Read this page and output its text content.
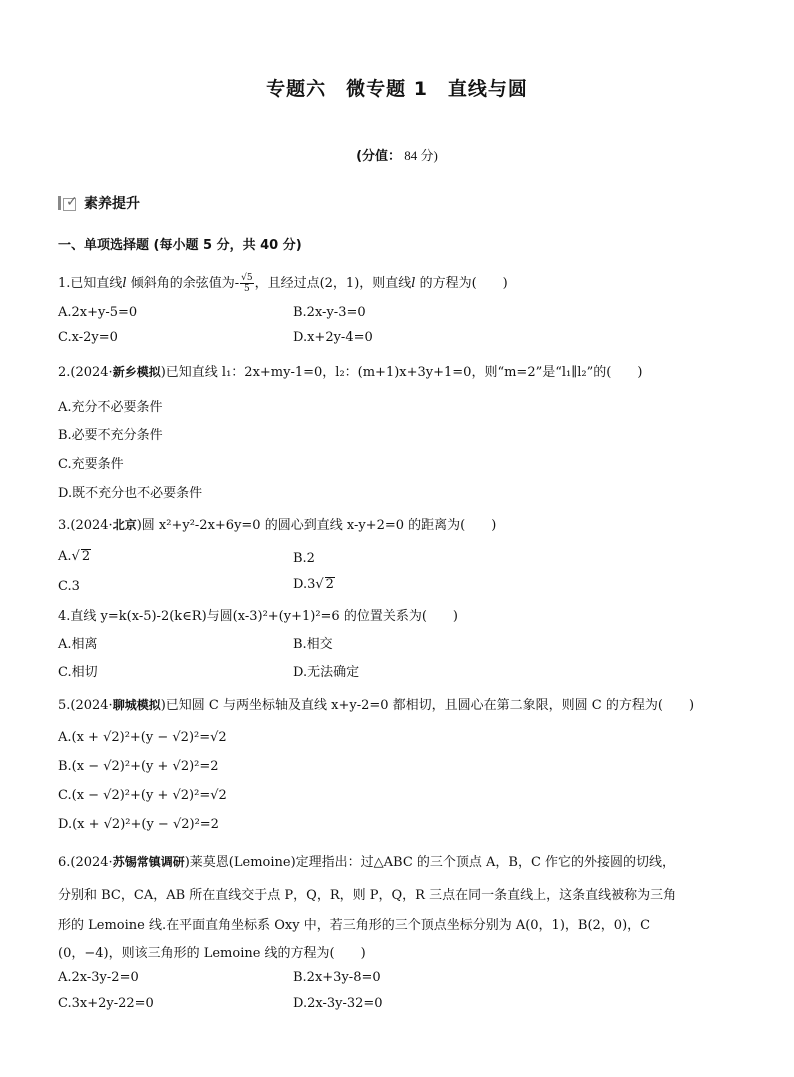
专题六　微专题 1　直线与圆
(分值： 84 分)
✓ 素养提升
一、单项选择题 (每小题 5 分，共 40 分)
1.已知直线l 倾斜角的余弦值为- $\frac{√5}{5}$ ，且经过点(2，1)，则直线l 的方程为(　　)
A.2x+y-5=0	B.2x-y-3=0
C.x-2y=0	D.x+2y-4=0
2.(2024·新乡模拟)已知直线 l₁：2x+my-1=0，l₂：(m+1)x+3y+1=0，则“m=2”是“l₁∥l₂”的(　　)
A.充分不必要条件
B.必要不充分条件
C.充要条件
D.既不充分也不必要条件
3.(2024·北京)圆 x²+y²-2x+6y=0 的圆心到直线 x-y+2=0 的距离为(　　)
A.√ 2	B.2
C.3	D.3√ 2
4.直线 y=k(x-5)-2(k∈R)与圆(x-3)²+(y+1)²=6 的位置关系为(　　)
A.相离	B.相交
C.相切	D.无法确定
5.(2024·聊城模拟)已知圆 C 与两坐标轴及直线 x+y-2=0 都相切，且圆心在第二象限，则圆 C 的方程为(　　)
A.(x + √2)²+(y − √2)²=√2
B.(x − √2)²+(y + √2)²=2
C.(x − √2)²+(y + √2)²=√2
D.(x + √2)²+(y − √2)²=2
6.(2024·苏锡常镇调研)莱莫恩(Lemoine)定理指出：过△ABC 的三个顶点 A，B，C 作它的外接圆的切线，
分别和 BC，CA，AB 所在直线交于点 P，Q，R，则 P，Q，R 三点在同一条直线上，这条直线被称为三角
形的 Lemoine 线.在平面直角坐标系 Oxy 中，若三角形的三个顶点坐标分别为 A(0，1)，B(2，0)，C
(0，−4)，则该三角形的 Lemoine 线的方程为(　　)
A.2x-3y-2=0	B.2x+3y-8=0
C.3x+2y-22=0	D.2x-3y-32=0
